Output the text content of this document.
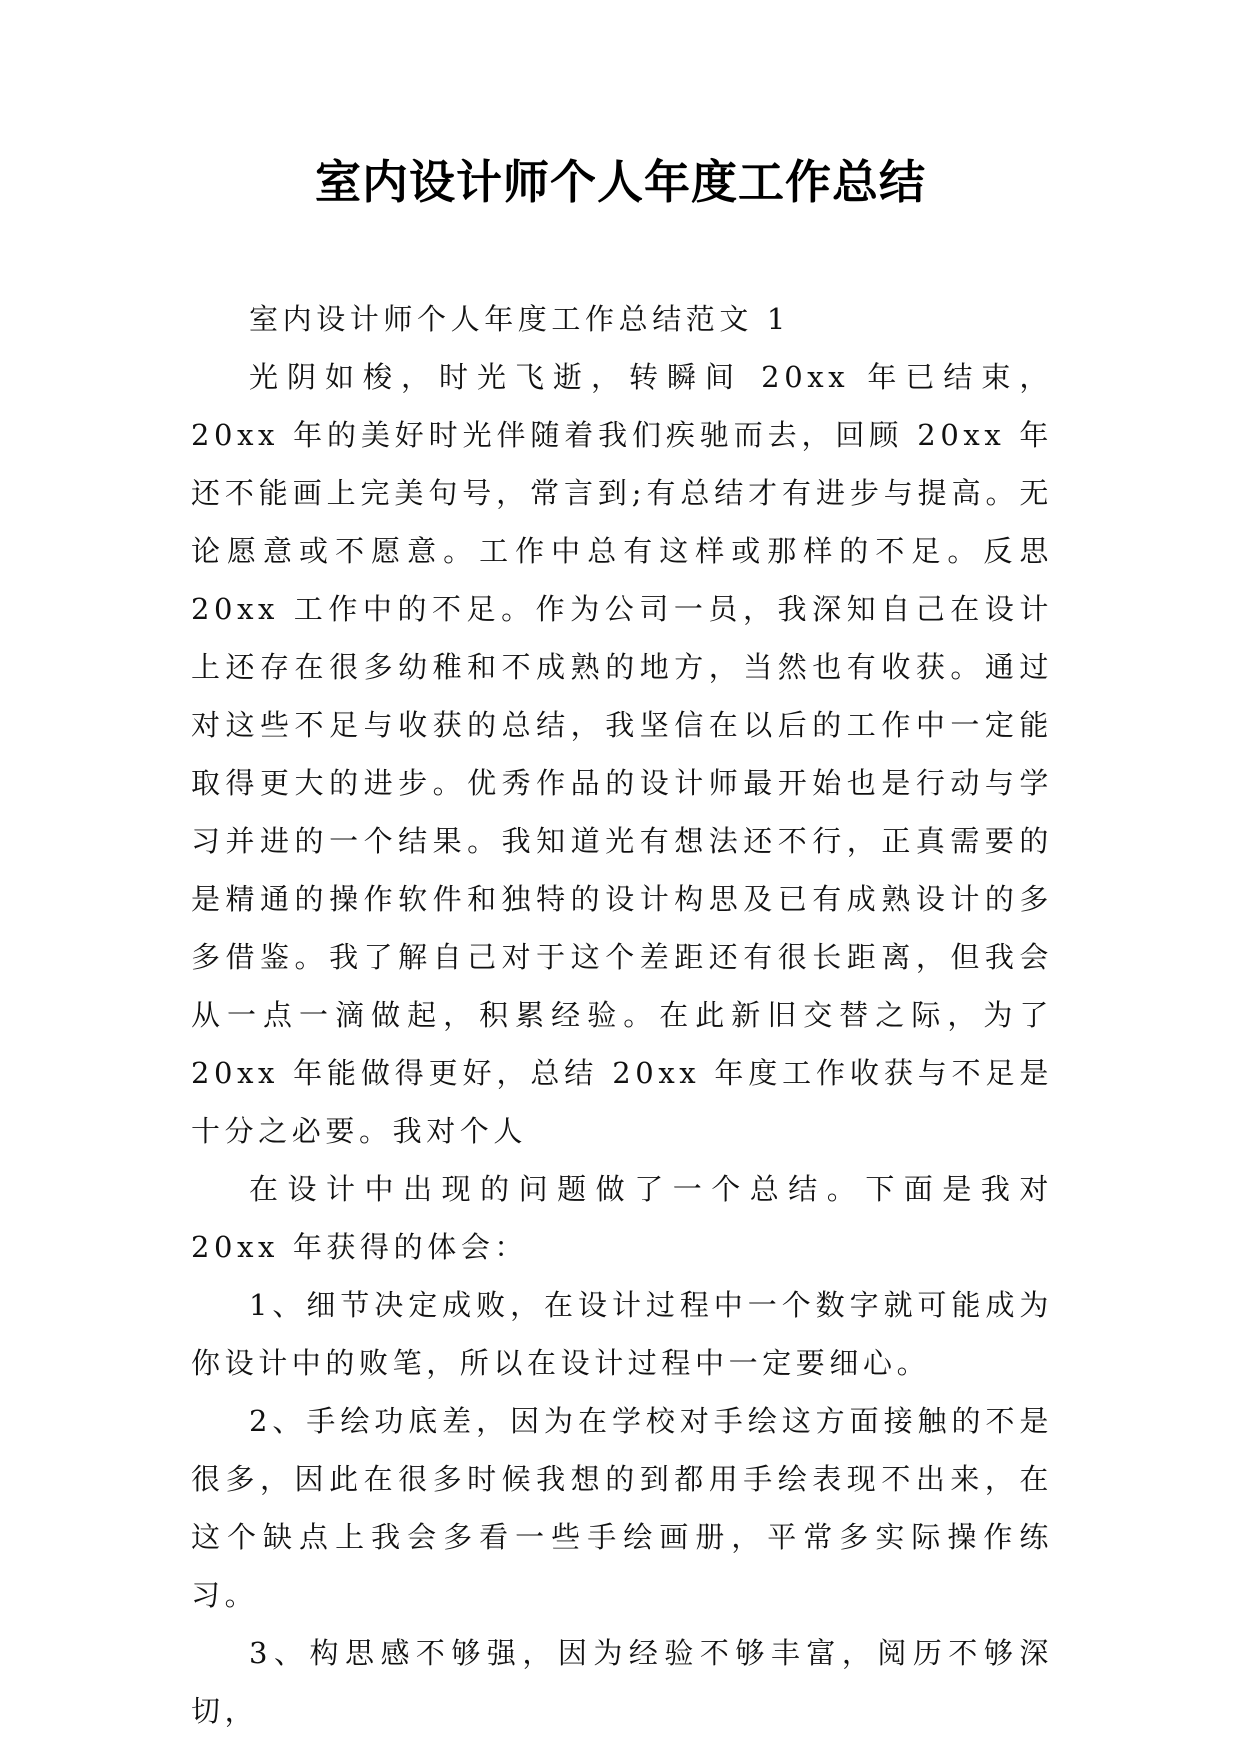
室内设计师个人年度工作总结

室内设计师个人年度工作总结范文 1

光阴如梭，时光飞逝，转瞬间 20xx 年已结束，20xx 年的美好时光伴随着我们疾驰而去，回顾 20xx 年还不能画上完美句号，常言到;有总结才有进步与提高。无论愿意或不愿意。工作中总有这样或那样的不足。反思 20xx 工作中的不足。作为公司一员，我深知自己在设计上还存在很多幼稚和不成熟的地方，当然也有收获。通过对这些不足与收获的总结，我坚信在以后的工作中一定能取得更大的进步。优秀作品的设计师最开始也是行动与学习并进的一个结果。我知道光有想法还不行，正真需要的是精通的操作软件和独特的设计构思及已有成熟设计的多多借鉴。我了解自己对于这个差距还有很长距离，但我会从一点一滴做起，积累经验。在此新旧交替之际，为了 20xx 年能做得更好，总结 20xx 年度工作收获与不足是十分之必要。我对个人

在设计中出现的问题做了一个总结。下面是我对 20xx 年获得的体会：

1、细节决定成败，在设计过程中一个数字就可能成为你设计中的败笔，所以在设计过程中一定要细心。

2、手绘功底差，因为在学校对手绘这方面接触的不是很多，因此在很多时候我想的到都用手绘表现不出来，在这个缺点上我会多看一些手绘画册，平常多实际操作练习。

3、构思感不够强，因为经验不够丰富，阅历不够深切，
